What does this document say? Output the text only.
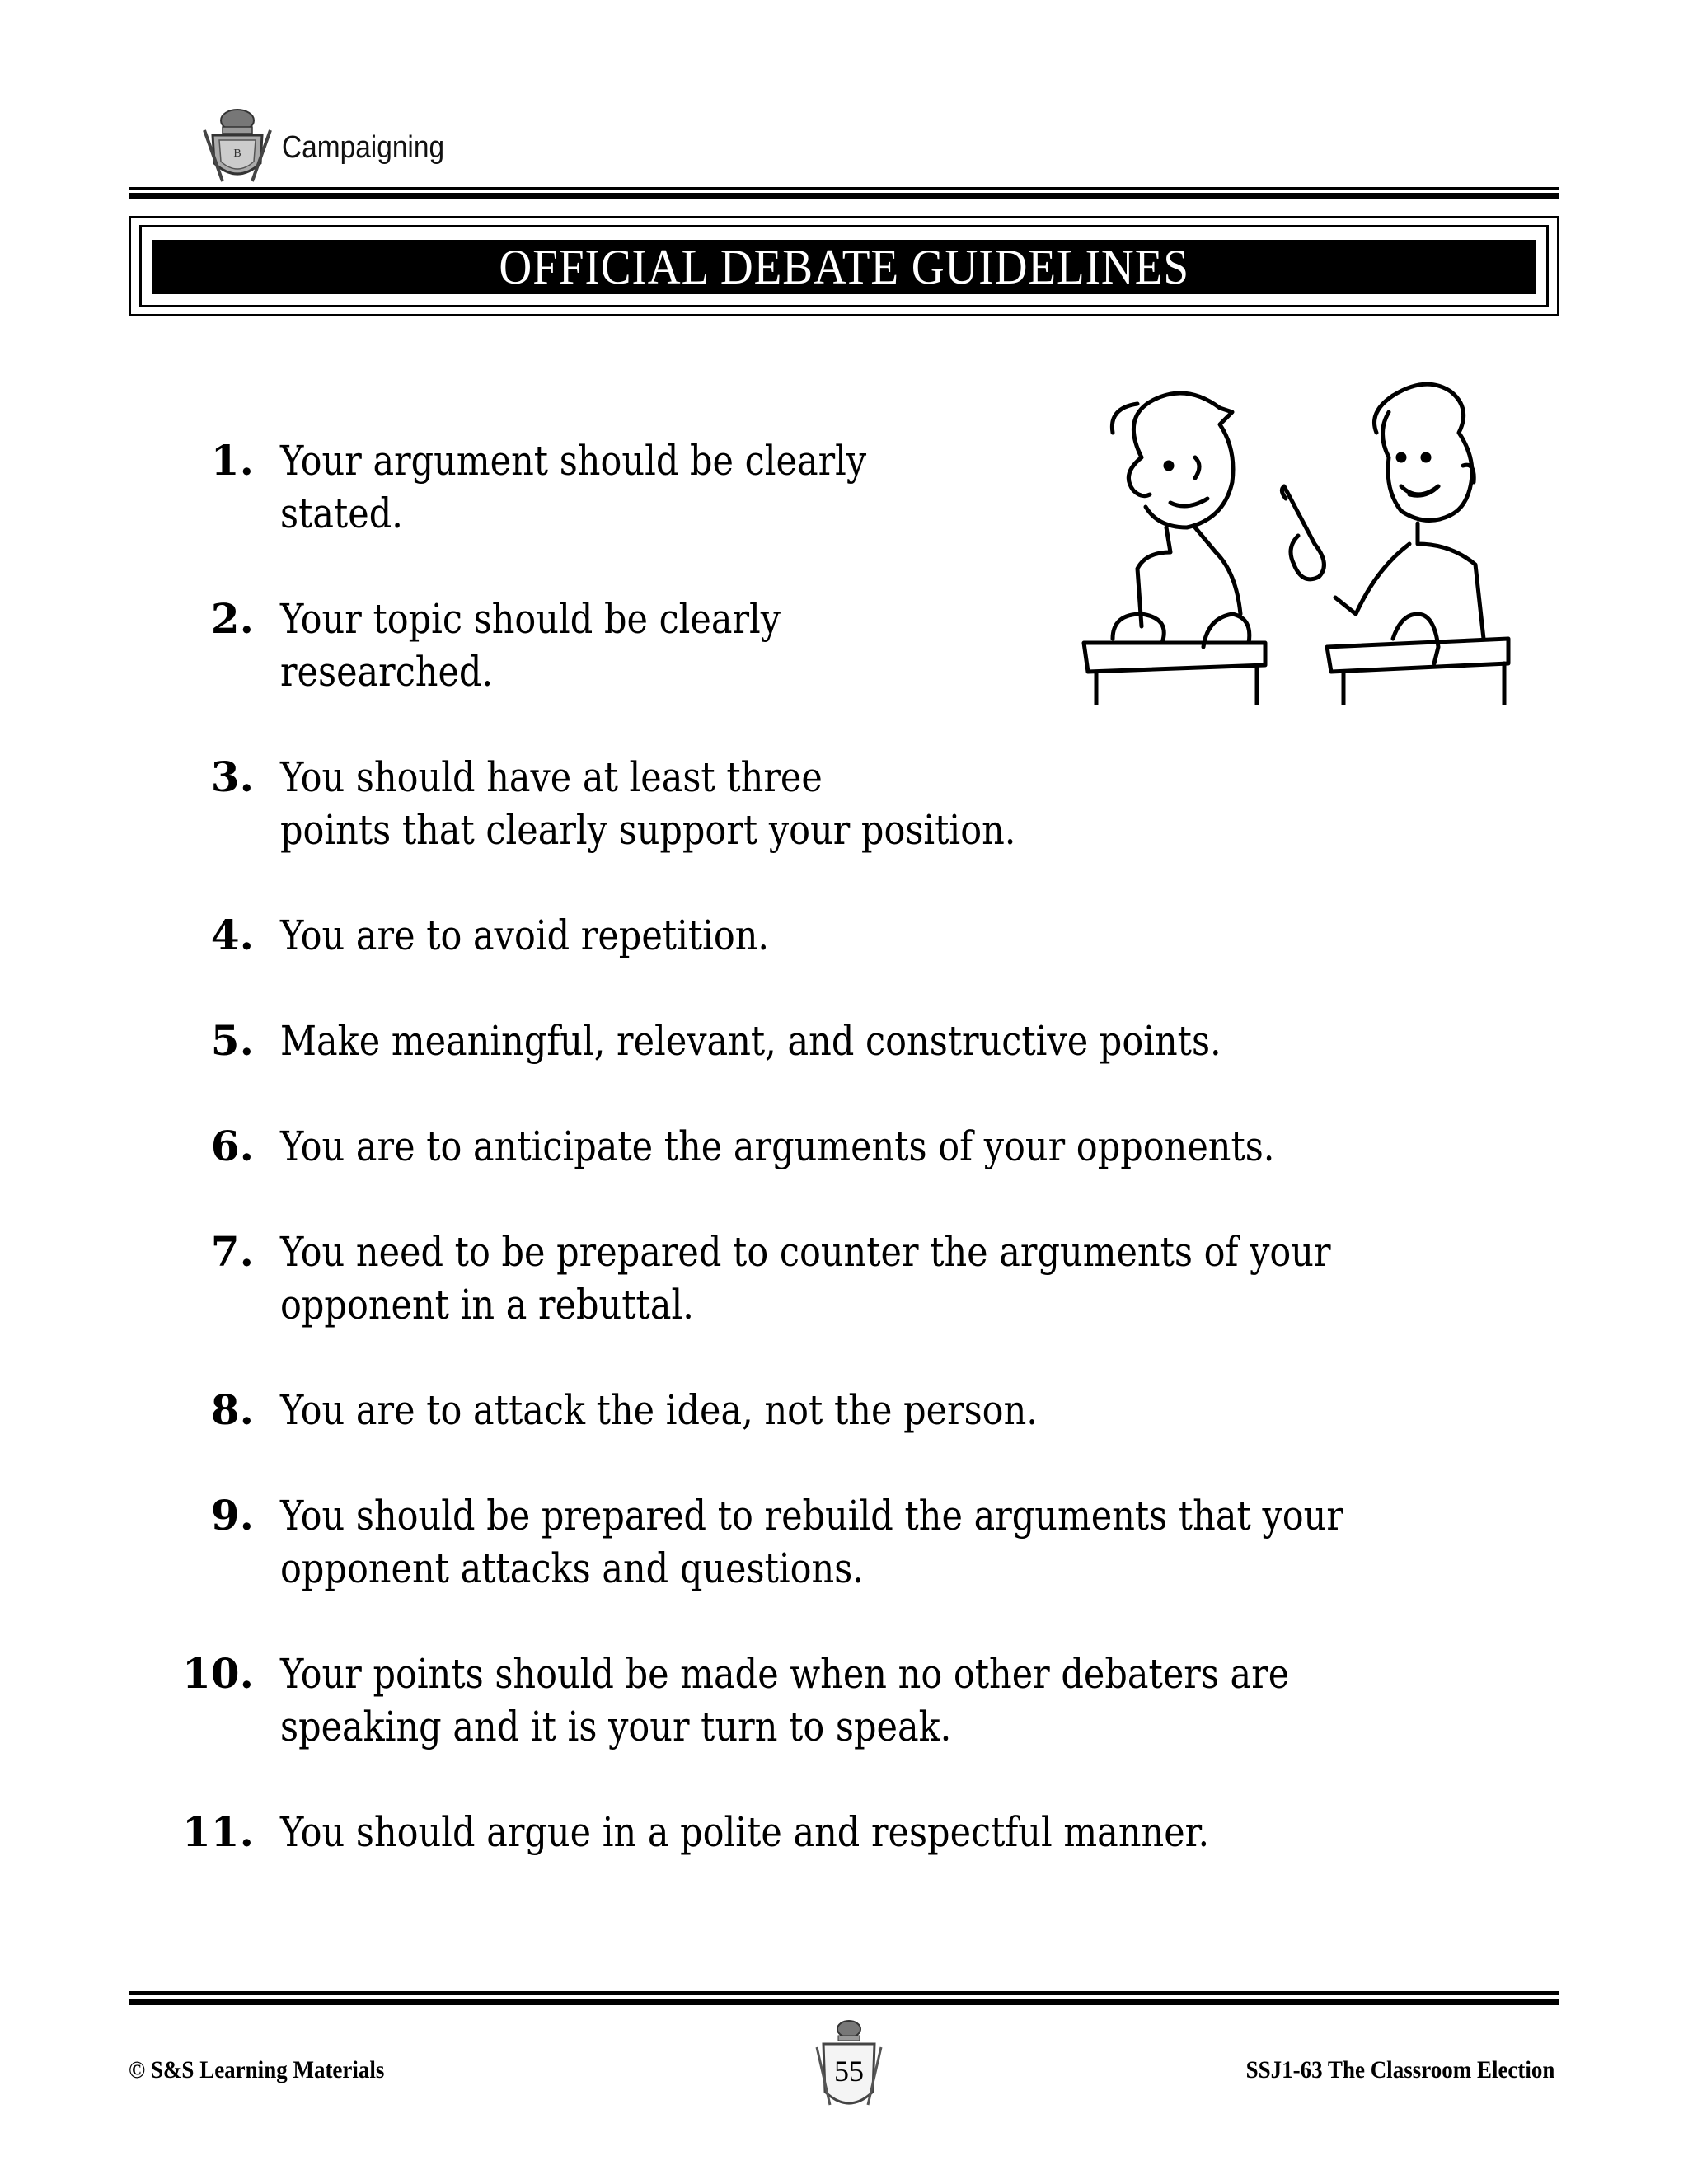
B Campaigning
OFFICIAL DEBATE GUIDELINES
1. Your argument should be clearly
stated.
2. Your topic should be clearly
researched.
3. You should have at least three
points that clearly support your position.
4. You are to avoid repetition.
5. Make meaningful, relevant, and constructive points.
6. You are to anticipate the arguments of your opponents.
7. You need to be prepared to counter the arguments of your
opponent in a rebuttal.
8. You are to attack the idea, not the person.
9. You should be prepared to rebuild the arguments that your
opponent attacks and questions.
10. Your points should be made when no other debaters are
speaking and it is your turn to speak.
11. You should argue in a polite and respectful manner.
© S&S Learning Materials	55	SSJ1-63 The Classroom Election
